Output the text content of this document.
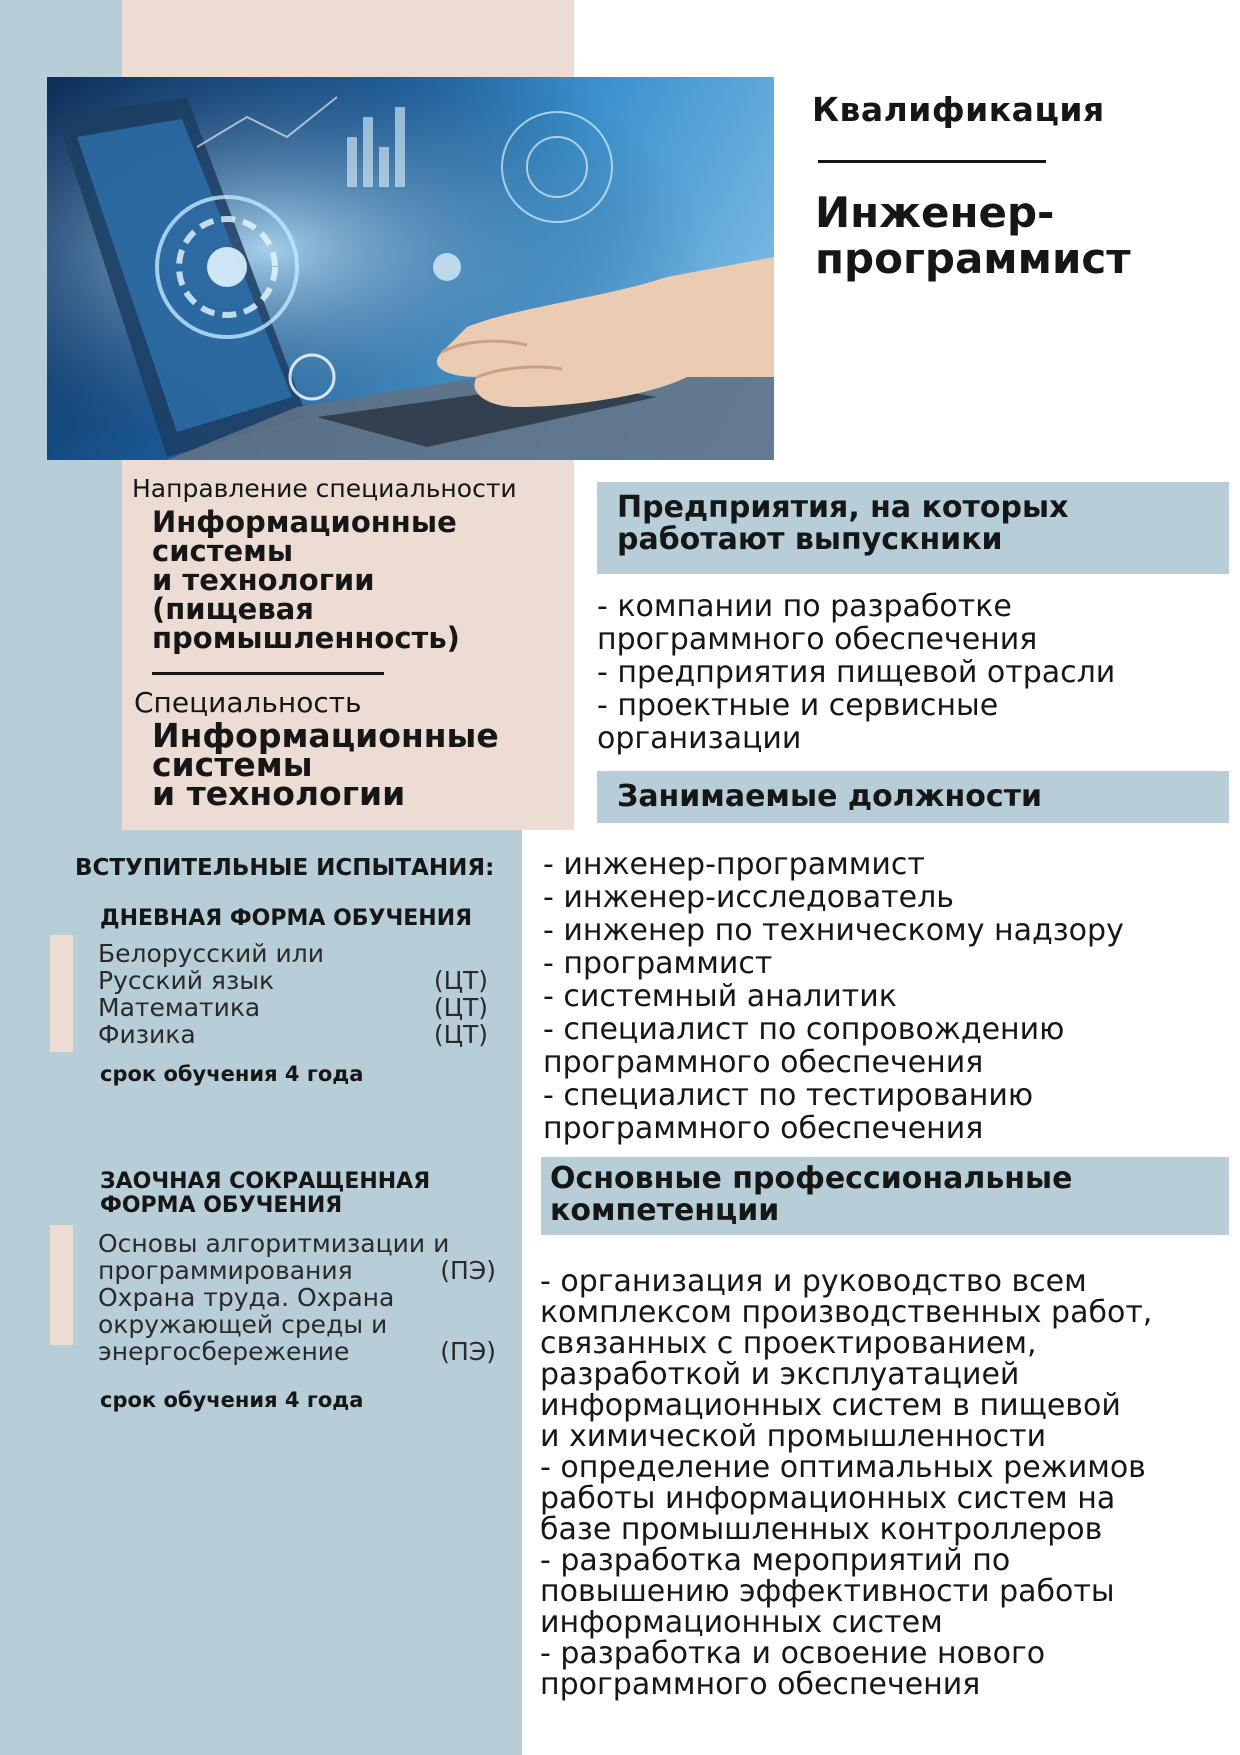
Квалификация
Инженер-
программист
Направление специальности
Информационные
системы
и технологии
(пищевая
промышленность)
Специальность
Информационные
системы
и технологии
ВСТУПИТЕЛЬНЫЕ ИСПЫТАНИЯ:
ДНЕВНАЯ ФОРМА ОБУЧЕНИЯ
Белорусский или
Русский язык	(ЦТ)
Математика	(ЦТ)
Физика	(ЦТ)
срок обучения 4 года
ЗАОЧНАЯ СОКРАЩЕННАЯ
ФОРМА ОБУЧЕНИЯ
Основы алгоритмизации и
программирования	(ПЭ)
Охрана труда. Охрана
окружающей среды и
энергосбережение	(ПЭ)
срок обучения 4 года
Предприятия, на которых
работают выпускники
- компании по разработке
программного обеспечения
- предприятия пищевой отрасли
- проектные и сервисные
организации
Занимаемые должности
- инженер-программист
- инженер-исследователь
- инженер по техническому надзору
- программист
- системный аналитик
- специалист по сопровождению
программного обеспечения
- специалист по тестированию
программного обеспечения
Основные профессиональные
компетенции
- организация и руководство всем
комплексом производственных работ,
связанных с проектированием,
разработкой и эксплуатацией
информационных систем в пищевой
и химической промышленности
- определение оптимальных режимов
работы информационных систем на
базе промышленных контроллеров
- разработка мероприятий по
повышению эффективности работы
информационных систем
- разработка и освоение нового
программного обеспечения
